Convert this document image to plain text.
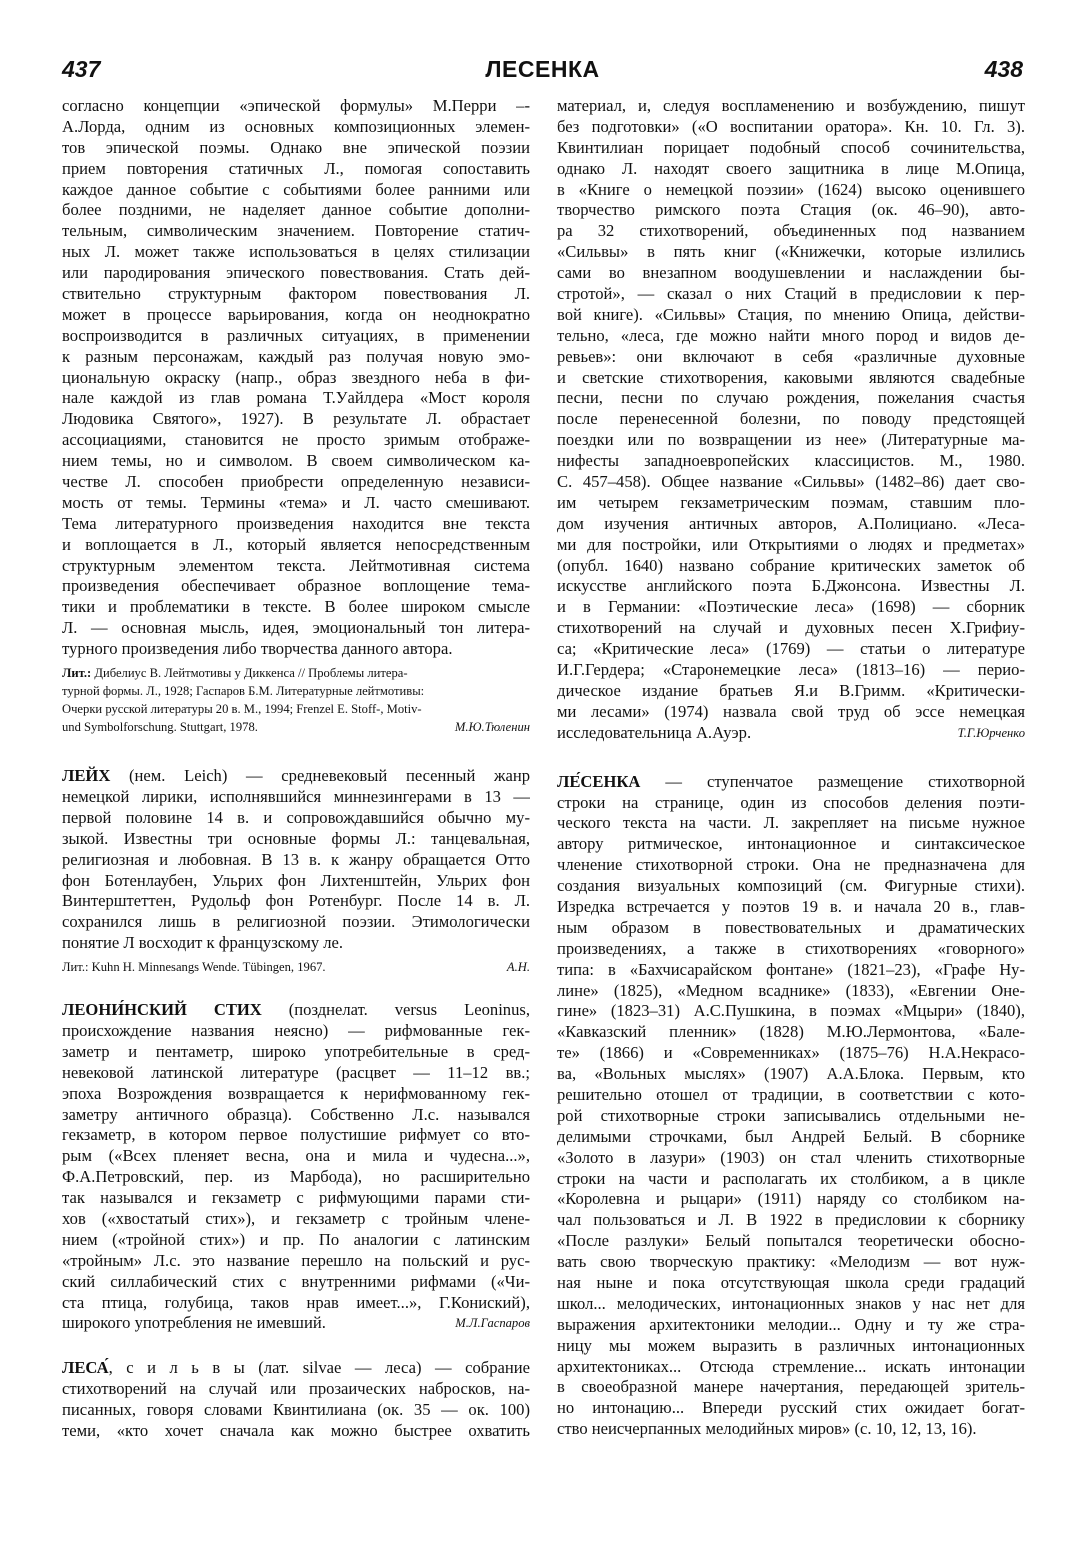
437	ЛЕСЕНКА	438
согласно концепции «эпической формулы» М.Перри –-
А.Лорда, одним из основных композиционных элемен-
тов эпической поэмы. Однако вне эпической поэзии
прием повторения статичных Л., помогая сопоставить
каждое данное событие с событиями более ранними или
более поздними, не наделяет данное событие дополни-
тельным, символическим значением. Повторение статич-
ных Л. может также использоваться в целях стилизации
или пародирования эпического повествования. Стать дей-
ствительно структурным фактором повествования Л.
может в процессе варьирования, когда он неоднократно
воспроизводится в различных ситуациях, в применении
к разным персонажам, каждый раз получая новую эмо-
циональную окраску (напр., образ звездного неба в фи-
нале каждой из глав романа Т.Уайлдера «Мост короля
Людовика Святого», 1927). В результате Л. обрастает
ассоциациями, становится не просто зримым отображе-
нием темы, но и символом. В своем символическом ка-
честве Л. способен приобрести определенную независи-
мость от темы. Термины «тема» и Л. часто смешивают.
Тема литературного произведения находится вне текста
и воплощается в Л., который является непосредственным
структурным элементом текста. Лейтмотивная система
произведения обеспечивает образное воплощение тема-
тики и проблематики в тексте. В более широком смысле
Л. — основная мысль, идея, эмоциональный тон литера-
турного произведения либо творчества данного автора.
Лит.: Дибелиус В. Лейтмотивы у Диккенса // Проблемы литера-
турной формы. Л., 1928; Гаспаров Б.М. Литературные лейтмотивы:
Очерки русской литературы 20 в. М., 1994; Frenzel E. Stoff-, Motiv-
und Symbolforschung. Stuttgart, 1978.	М.Ю.Тюленин
ЛЕЙХ (нем. Leich) — средневековый песенный жанр
немецкой лирики, исполнявшийся миннезингерами в 13 —
первой половине 14 в. и сопровождавшийся обычно му-
зыкой. Известны три основные формы Л.: танцевальная,
религиозная и любовная. В 13 в. к жанру обращается Отто
фон Ботенлаубен, Ульрих фон Лихтенштейн, Ульрих фон
Винтерштеттен, Рудольф фон Ротенбург. После 14 в. Л.
сохранился лишь в религиозной поэзии. Этимологически
понятие Л восходит к французскому ле.
Лит.: Kuhn H. Minnesangs Wende. Tübingen, 1967.	А.Н.
ЛЕОНИ́НСКИЙ СТИХ (позднелат. versus Leoninus,
происхождение названия неясно) — рифмованные гек-
заметр и пентаметр, широко употребительные в сред-
невековой латинской литературе (расцвет — 11–12 вв.;
эпоха Возрождения возвращается к нерифмованному гек-
заметру античного образца). Собственно Л.с. назывался
гекзаметр, в котором первое полустишие рифмует со вто-
рым («Всех пленяет весна, она и мила и чудесна...»,
Ф.А.Петровский, пер. из Марбода), но расширительно
так назывался и гекзаметр с рифмующими парами сти-
хов («хвостатый стих»), и гекзаметр с тройным члене-
нием («тройной стих») и пр. По аналогии с латинским
«тройным» Л.с. это название перешло на польский и рус-
ский силлабический стих с внутренними рифмами («Чи-
ста птица, голубица, таков нрав имеет...», Г.Кониский),
широкого употребления не имевший.	М.Л.Гаспаров
ЛЕСА́, с и л ь в ы (лат. silvae — леса) — собрание
стихотворений на случай или прозаических набросков, на-
писанных, говоря словами Квинтилиана (ок. 35 — ок. 100)
теми, «кто хочет сначала как можно быстрее охватить
материал, и, следуя воспламенению и возбуждению, пишут
без подготовки» («О воспитании оратора». Кн. 10. Гл. 3).
Квинтилиан порицает подобный способ сочинительства,
однако Л. находят своего защитника в лице М.Опица,
в «Книге о немецкой поэзии» (1624) высоко оценившего
творчество римского поэта Стация (ок. 46–90), авто-
ра 32 стихотворений, объединенных под названием
«Сильвы» в пять книг («Книжечки, которые излились
сами во внезапном воодушевлении и наслаждении бы-
стротой», — сказал о них Стаций в предисловии к пер-
вой книге). «Сильвы» Стация, по мнению Опица, действи-
тельно, «леса, где можно найти много пород и видов де-
ревьев»: они включают в себя «различные духовные
и светские стихотворения, каковыми являются свадебные
песни, песни по случаю рождения, пожелания счастья
после перенесенной болезни, по поводу предстоящей
поездки или по возвращении из нее» (Литературные ма-
нифесты западноевропейских классицистов. М., 1980.
С. 457–458). Общее название «Сильвы» (1482–86) дает сво-
им четырем гекзаметрическим поэмам, ставшим пло-
дом изучения античных авторов, А.Полициано. «Леса-
ми для постройки, или Открытиями о людях и предметах»
(опубл. 1640) названо собрание критических заметок об
искусстве английского поэта Б.Джонсона. Известны Л.
и в Германии: «Поэтические леса» (1698) — сборник
стихотворений на случай и духовных песен Х.Грифиу-
са; «Критические леса» (1769) — статьи о литературе
И.Г.Гердера; «Старонемецкие леса» (1813–16) — перио-
дическое издание братьев Я.и В.Гримм. «Критически-
ми лесами» (1974) назвала свой труд об эссе немецкая
исследовательница А.Ауэр.	Т.Г.Юрченко
ЛЕ́СЕНКА — ступенчатое размещение стихотворной
строки на странице, один из способов деления поэти-
ческого текста на части. Л. закрепляет на письме нужное
автору ритмическое, интонационное и синтаксическое
членение стихотворной строки. Она не предназначена для
создания визуальных композиций (см. Фигурные стихи).
Изредка встречается у поэтов 19 в. и начала 20 в., глав-
ным образом в повествовательных и драматических
произведениях, а также в стихотворениях «говорного»
типа: в «Бахчисарайском фонтане» (1821–23), «Графе Ну-
лине» (1825), «Медном всаднике» (1833), «Евгении Оне-
гине» (1823–31) А.С.Пушкина, в поэмах «Мцыри» (1840),
«Кавказский пленник» (1828) М.Ю.Лермонтова, «Бале-
те» (1866) и «Современниках» (1875–76) Н.А.Некрасо-
ва, «Вольных мыслях» (1907) А.А.Блока. Первым, кто
решительно отошел от традиции, в соответствии с кото-
рой стихотворные строки записывались отдельными не-
делимыми строчками, был Андрей Белый. В сборнике
«Золото в лазури» (1903) он стал членить стихотворные
строки на части и располагать их столбиком, а в цикле
«Королевна и рыцари» (1911) наряду со столбиком на-
чал пользоваться и Л. В 1922 в предисловии к сборнику
«После разлуки» Белый попытался теоретически обосно-
вать свою творческую практику: «Мелодизм — вот нуж-
ная ныне и пока отсутствующая школа среди градаций
школ... мелодических, интонационных знаков у нас нет для
выражения архитектоники мелодии... Одну и ту же стра-
ницу мы можем выразить в различных интонационных
архитектониках... Отсюда стремление... искать интонации
в своеобразной манере начертания, передающей зритель-
но интонацию... Впереди русский стих ожидает богат-
ство неисчерпанных мелодийных миров» (с. 10, 12, 13, 16).
